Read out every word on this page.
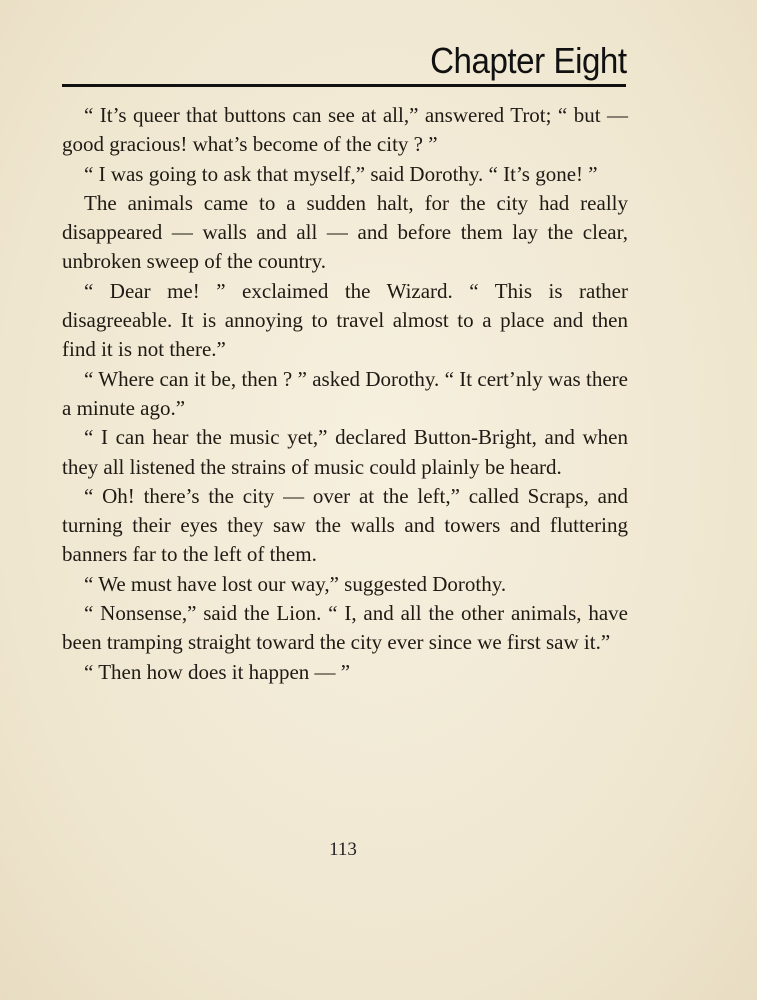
Chapter Eight

“ It’s queer that buttons can see at all,” answered Trot; “ but — good gracious! what’s become of the city ? ”

“ I was going to ask that myself,” said Dorothy. “ It’s gone! ”

The animals came to a sudden halt, for the city had really disappeared — walls and all — and before them lay the clear, unbroken sweep of the country.

“ Dear me! ” exclaimed the Wizard. “ This is rather disagreeable. It is annoying to travel almost to a place and then find it is not there.”

“ Where can it be, then ? ” asked Dorothy. “ It cert’nly was there a minute ago.”

“ I can hear the music yet,” declared Button-Bright, and when they all listened the strains of music could plainly be heard.

“ Oh! there’s the city — over at the left,” called Scraps, and turning their eyes they saw the walls and towers and fluttering banners far to the left of them.

“ We must have lost our way,” suggested Dorothy.

“ Nonsense,” said the Lion. “ I, and all the other animals, have been tramping straight toward the city ever since we first saw it.”

“ Then how does it happen — ”

113
